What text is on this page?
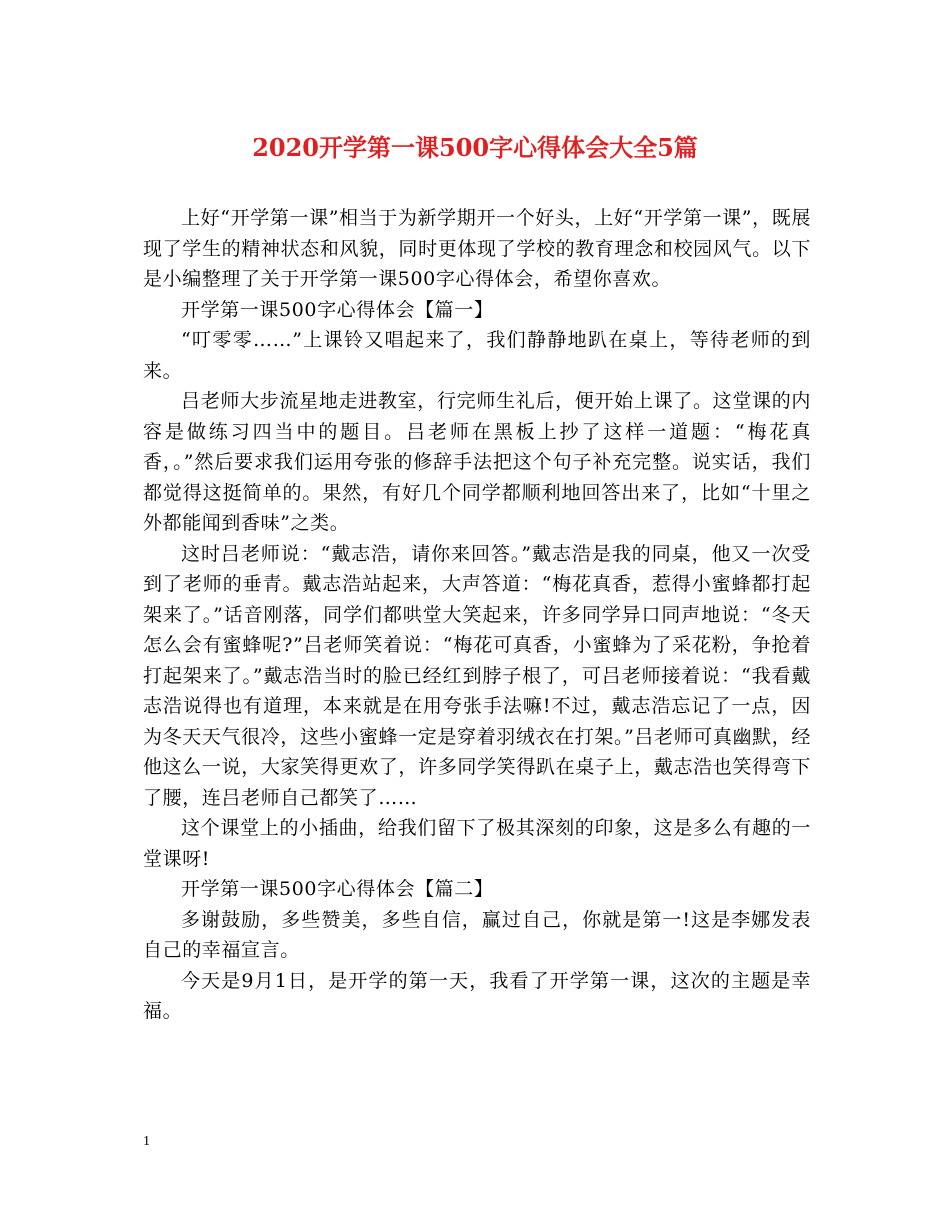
2020开学第一课500字心得体会大全5篇

上好“开学第一课”相当于为新学期开一个好头，上好“开学第一课”，既展现了学生的精神状态和风貌，同时更体现了学校的教育理念和校园风气。以下是小编整理了关于开学第一课500字心得体会，希望你喜欢。

开学第一课500字心得体会【篇一】

“叮零零……”上课铃又唱起来了，我们静静地趴在桌上，等待老师的到来。

吕老师大步流星地走进教室，行完师生礼后，便开始上课了。这堂课的内容是做练习四当中的题目。吕老师在黑板上抄了这样一道题：“梅花真香，。”然后要求我们运用夸张的修辞手法把这个句子补充完整。说实话，我们都觉得这挺简单的。果然，有好几个同学都顺利地回答出来了，比如“十里之外都能闻到香味”之类。

这时吕老师说：“戴志浩，请你来回答。”戴志浩是我的同桌，他又一次受到了老师的垂青。戴志浩站起来，大声答道：“梅花真香，惹得小蜜蜂都打起架来了。”话音刚落，同学们都哄堂大笑起来，许多同学异口同声地说：“冬天怎么会有蜜蜂呢?”吕老师笑着说：“梅花可真香，小蜜蜂为了采花粉，争抢着打起架来了。”戴志浩当时的脸已经红到脖子根了，可吕老师接着说：“我看戴志浩说得也有道理，本来就是在用夸张手法嘛!不过，戴志浩忘记了一点，因为冬天天气很冷，这些小蜜蜂一定是穿着羽绒衣在打架。”吕老师可真幽默，经他这么一说，大家笑得更欢了，许多同学笑得趴在桌子上，戴志浩也笑得弯下了腰，连吕老师自己都笑了……

这个课堂上的小插曲，给我们留下了极其深刻的印象，这是多么有趣的一堂课呀!

开学第一课500字心得体会【篇二】

多谢鼓励，多些赞美，多些自信，赢过自己，你就是第一!这是李娜发表自己的幸福宣言。

今天是9月1日，是开学的第一天，我看了开学第一课，这次的主题是幸福。

1
